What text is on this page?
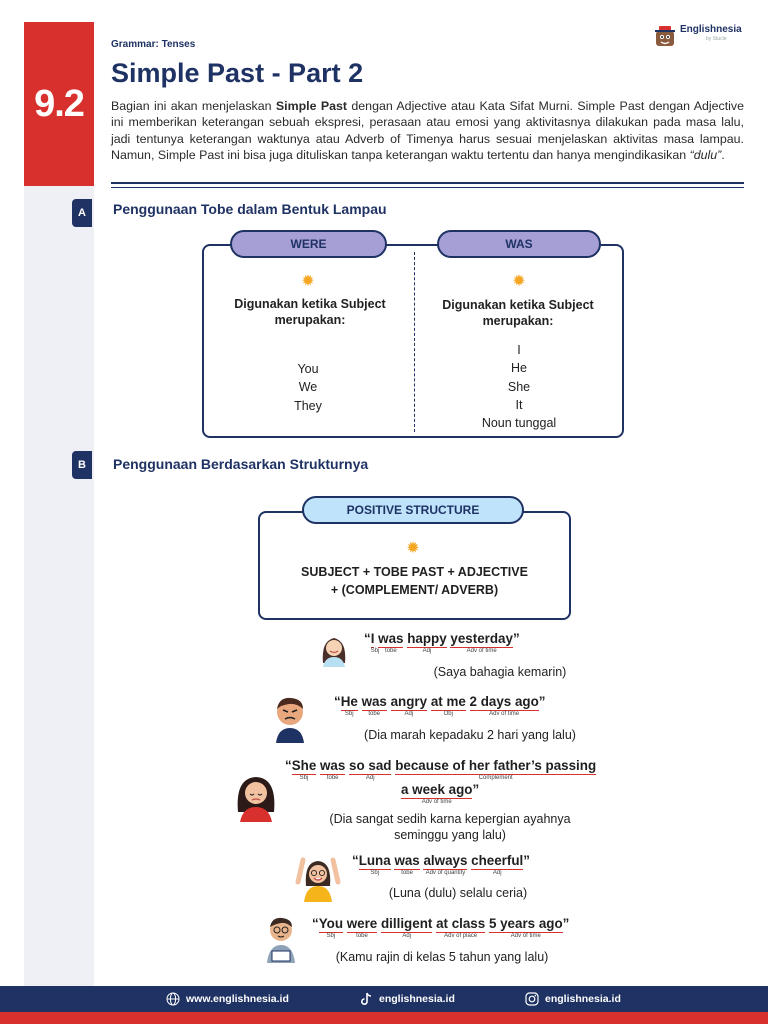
9.2
Grammar: Tenses
Simple Past - Part 2
Englishnesia
by Stucle

Bagian ini akan menjelaskan Simple Past dengan Adjective atau Kata Sifat Murni. Simple Past dengan Adjective ini memberikan keterangan sebuah ekspresi, perasaan atau emosi yang aktivitasnya dilakukan pada masa lalu, jadi tentunya keterangan waktunya atau Adverb of Timenya harus sesuai menjelaskan aktivitas masa lampau. Namun, Simple Past ini bisa juga dituliskan tanpa keterangan waktu tertentu dan hanya mengindikasikan “dulu”.

A	Penggunaan Tobe dalam Bentuk Lampau
WERE	WAS
✹	✹
Digunakan ketika Subject merupakan:
Digunakan ketika Subject merupakan:
You
We
They
I
He
She
It
Noun tunggal
B	Penggunaan Berdasarkan Strukturnya
POSITIVE STRUCTURE
✹
SUBJECT + TOBE PAST + ADJECTIVE
+ (COMPLEMENT/ ADVERB)
“I
Sbj
was
tobe
happy
Adj
yesterday
Adv of time
”
(Saya bahagia kemarin)
“He
Sbj
was
tobe
angry
Adj
at me
Obj
2 days ago
Adv of time
”
(Dia marah kepadaku 2 hari yang lalu)
“She
Sbj
was
tobe
so sad
Adj
because of her father’s passing
Complement
a week ago
Adv of time
”
(Dia sangat sedih karna kepergian ayahnya
seminggu yang lalu)
“Luna
Sbj
was
tobe
always
Adv of quantity
cheerful
Adj
”
(Luna (dulu) selalu ceria)
“You
Sbj
were
tobe
dilligent
Adj
at class
Adv of place
5 years ago
Adv of time
”
(Kamu rajin di kelas 5 tahun yang lalu)
www.englishnesia.id	englishnesia.id	englishnesia.id
